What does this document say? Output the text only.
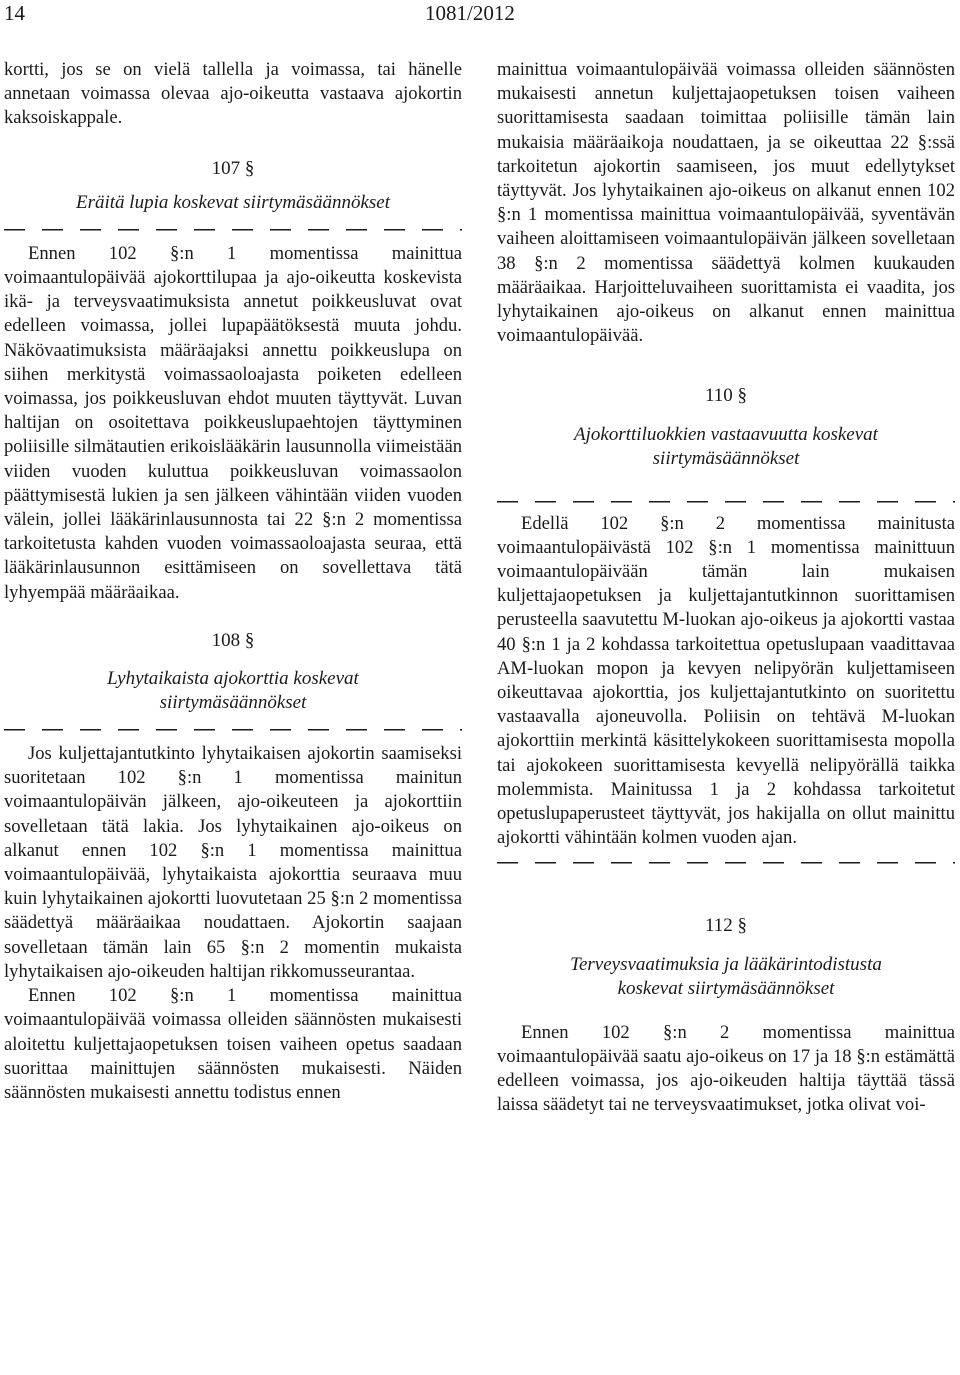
14	1081/2012

kortti, jos se on vielä tallella ja voimassa, tai hänelle annetaan voimassa olevaa ajo-oikeutta vastaava ajokortin kaksoiskappale.

107 §

Eräitä lupia koskevat siirtymäsäännökset

Ennen 102 §:n 1 momentissa mainittua voimaantulopäivää ajokorttilupaa ja ajo-oikeutta koskevista ikä- ja terveysvaatimuksista annetut poikkeusluvat ovat edelleen voimassa, jollei lupapäätöksestä muuta johdu. Näkövaatimuksista määräajaksi annettu poikkeuslupa on siihen merkitystä voimassaoloajasta poiketen edelleen voimassa, jos poikkeusluvan ehdot muuten täyttyvät. Luvan haltijan on osoitettava poikkeuslupaehtojen täyttyminen poliisille silmätautien erikoislääkärin lausunnolla viimeistään viiden vuoden kuluttua poikkeusluvan voimassaolon päättymisestä lukien ja sen jälkeen vähintään viiden vuoden välein, jollei lääkärinlausunnosta tai 22 §:n 2 momentissa tarkoitetusta kahden vuoden voimassaoloajasta seuraa, että lääkärinlausunnon esittämiseen on sovellettava tätä lyhyempää määräaikaa.

108 §

Lyhytaikaista ajokorttia koskevat

siirtymäsäännökset

Jos kuljettajantutkinto lyhytaikaisen ajokortin saamiseksi suoritetaan 102 §:n 1 momentissa mainitun voimaantulopäivän jälkeen, ajo-oikeuteen ja ajokorttiin sovelletaan tätä lakia. Jos lyhytaikainen ajo-oikeus on alkanut ennen 102 §:n 1 momentissa mainittua voimaantulopäivää, lyhytaikaista ajokorttia seuraava muu kuin lyhytaikainen ajokortti luovutetaan 25 §:n 2 momentissa säädettyä määräaikaa noudattaen. Ajokortin saajaan sovelletaan tämän lain 65 §:n 2 momentin mukaista lyhytaikaisen ajo-oikeuden haltijan rikkomusseurantaa.

Ennen 102 §:n 1 momentissa mainittua voimaantulopäivää voimassa olleiden säännösten mukaisesti aloitettu kuljettajaopetuksen toisen vaiheen opetus saadaan suorittaa mainittujen säännösten mukaisesti. Näiden säännösten mukaisesti annettu todistus ennen

mainittua voimaantulopäivää voimassa olleiden säännösten mukaisesti annetun kuljettajaopetuksen toisen vaiheen suorittamisesta saadaan toimittaa poliisille tämän lain mukaisia määräaikoja noudattaen, ja se oikeuttaa 22 §:ssä tarkoitetun ajokortin saamiseen, jos muut edellytykset täyttyvät. Jos lyhytaikainen ajo-oikeus on alkanut ennen 102 §:n 1 momentissa mainittua voimaantulopäivää, syventävän vaiheen aloittamiseen voimaantulopäivän jälkeen sovelletaan 38 §:n 2 momentissa säädettyä kolmen kuukauden määräaikaa. Harjoitteluvaiheen suorittamista ei vaadita, jos lyhytaikainen ajo-oikeus on alkanut ennen mainittua voimaantulopäivää.

110 §

Ajokorttiluokkien vastaavuutta koskevat

siirtymäsäännökset

Edellä 102 §:n 2 momentissa mainitusta voimaantulopäivästä 102 §:n 1 momentissa mainittuun voimaantulopäivään tämän lain mukaisen kuljettajaopetuksen ja kuljettajantutkinnon suorittamisen perusteella saavutettu M-luokan ajo-oikeus ja ajokortti vastaa 40 §:n 1 ja 2 kohdassa tarkoitettua opetuslupaan vaadittavaa AM-luokan mopon ja kevyen nelipyörän kuljettamiseen oikeuttavaa ajokorttia, jos kuljettajantutkinto on suoritettu vastaavalla ajoneuvolla. Poliisin on tehtävä M-luokan ajokorttiin merkintä käsittelykokeen suorittamisesta mopolla tai ajokokeen suorittamisesta kevyellä nelipyörällä taikka molemmista. Mainitussa 1 ja 2 kohdassa tarkoitetut opetuslupaperusteet täyttyvät, jos hakijalla on ollut mainittu ajokortti vähintään kolmen vuoden ajan.

112 §

Terveysvaatimuksia ja lääkärintodistusta

koskevat siirtymäsäännökset

Ennen 102 §:n 2 momentissa mainittua voimaantulopäivää saatu ajo-oikeus on 17 ja 18 §:n estämättä edelleen voimassa, jos ajo-oikeuden haltija täyttää tässä laissa säädetyt tai ne terveysvaatimukset, jotka olivat voi-
